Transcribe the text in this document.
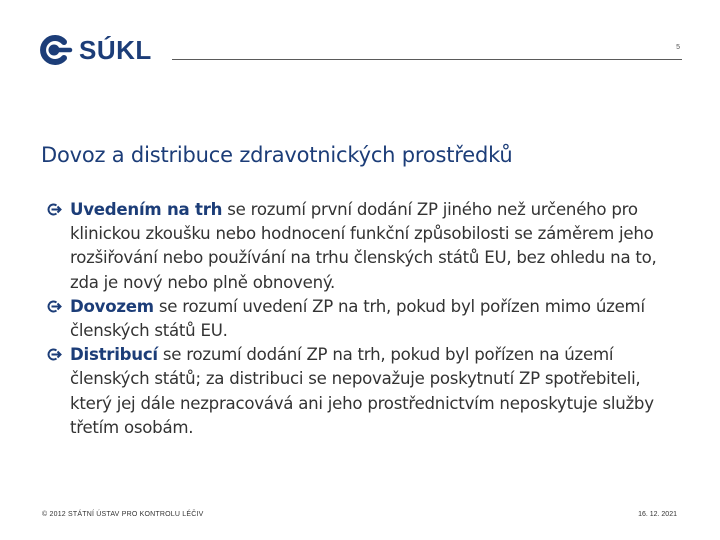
SÚKL	5
Dovoz a distribuce zdravotnických prostředků
Uvedením na trh se rozumí první dodání ZP jiného než určeného pro klinickou zkoušku nebo hodnocení funkční způsobilosti se záměrem jeho rozšiřování nebo používání na trhu členských států EU, bez ohledu na to, zda je nový nebo plně obnovený.
Dovozem se rozumí uvedení ZP na trh, pokud byl pořízen mimo území členských států EU.
Distribucí se rozumí dodání ZP na trh, pokud byl pořízen na území členských států; za distribuci se nepovažuje poskytnutí ZP spotřebiteli, který jej dále nezpracovává ani jeho prostřednictvím neposkytuje služby třetím osobám.
© 2012 STÁTNÍ ÚSTAV PRO KONTROLU LÉČIV	16. 12. 2021
